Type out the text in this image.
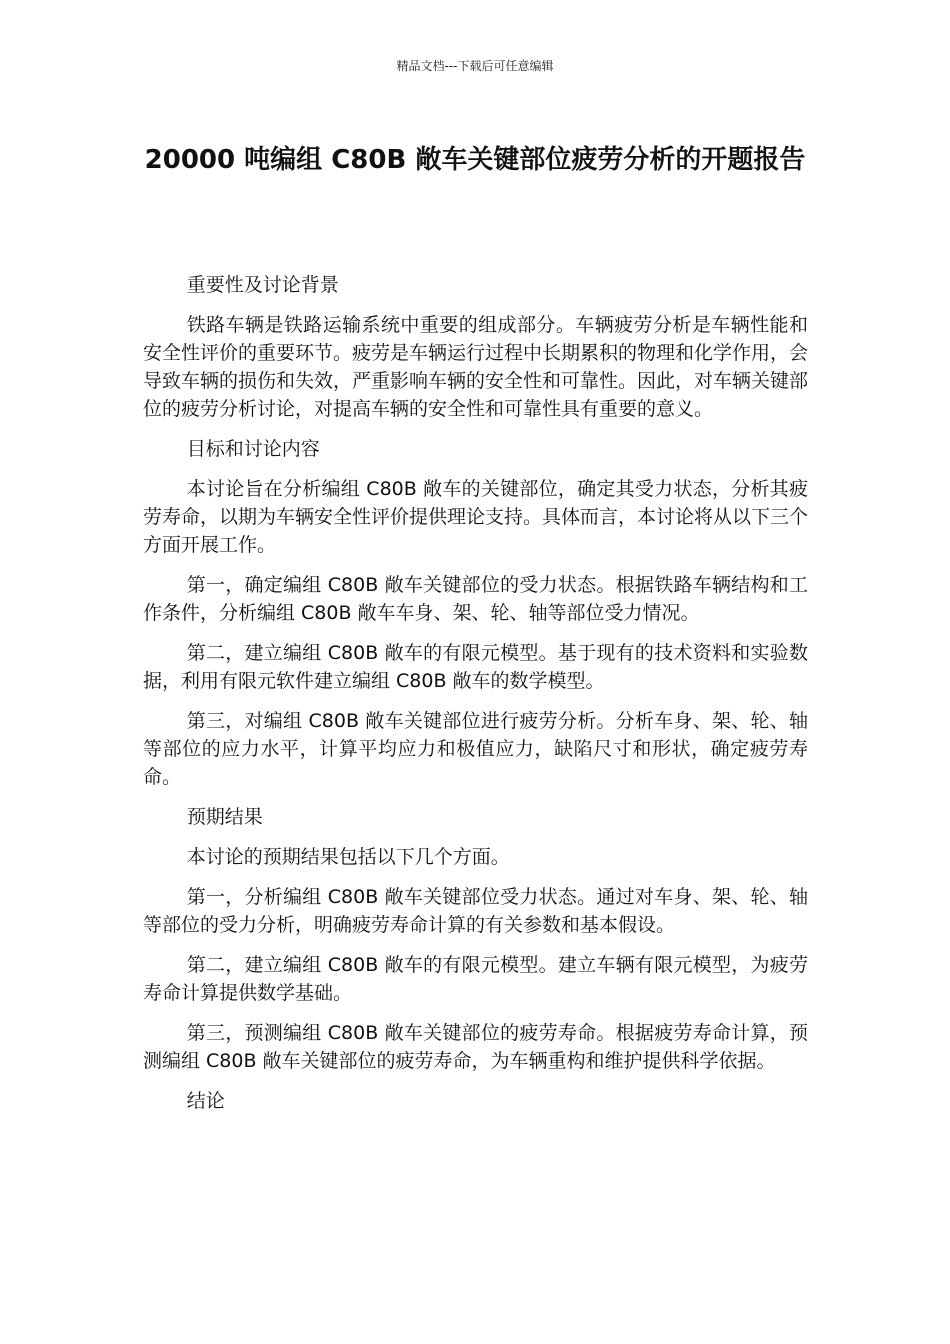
精品文档---下载后可任意编辑
20000 吨编组 C80B 敞车关键部位疲劳分析的开题报告
重要性及讨论背景
铁路车辆是铁路运输系统中重要的组成部分。车辆疲劳分析是车辆性能和安全性评价的重要环节。疲劳是车辆运行过程中长期累积的物理和化学作用，会导致车辆的损伤和失效，严重影响车辆的安全性和可靠性。因此，对车辆关键部位的疲劳分析讨论，对提高车辆的安全性和可靠性具有重要的意义。
目标和讨论内容
本讨论旨在分析编组 C80B 敞车的关键部位，确定其受力状态，分析其疲劳寿命，以期为车辆安全性评价提供理论支持。具体而言，本讨论将从以下三个方面开展工作。
第一，确定编组 C80B 敞车关键部位的受力状态。根据铁路车辆结构和工作条件，分析编组 C80B 敞车车身、架、轮、轴等部位受力情况。
第二，建立编组 C80B 敞车的有限元模型。基于现有的技术资料和实验数据，利用有限元软件建立编组 C80B 敞车的数学模型。
第三，对编组 C80B 敞车关键部位进行疲劳分析。分析车身、架、轮、轴等部位的应力水平，计算平均应力和极值应力，缺陷尺寸和形状，确定疲劳寿命。
预期结果
本讨论的预期结果包括以下几个方面。
第一，分析编组 C80B 敞车关键部位受力状态。通过对车身、架、轮、轴等部位的受力分析，明确疲劳寿命计算的有关参数和基本假设。
第二，建立编组 C80B 敞车的有限元模型。建立车辆有限元模型，为疲劳寿命计算提供数学基础。
第三，预测编组 C80B 敞车关键部位的疲劳寿命。根据疲劳寿命计算，预测编组 C80B 敞车关键部位的疲劳寿命，为车辆重构和维护提供科学依据。
结论
